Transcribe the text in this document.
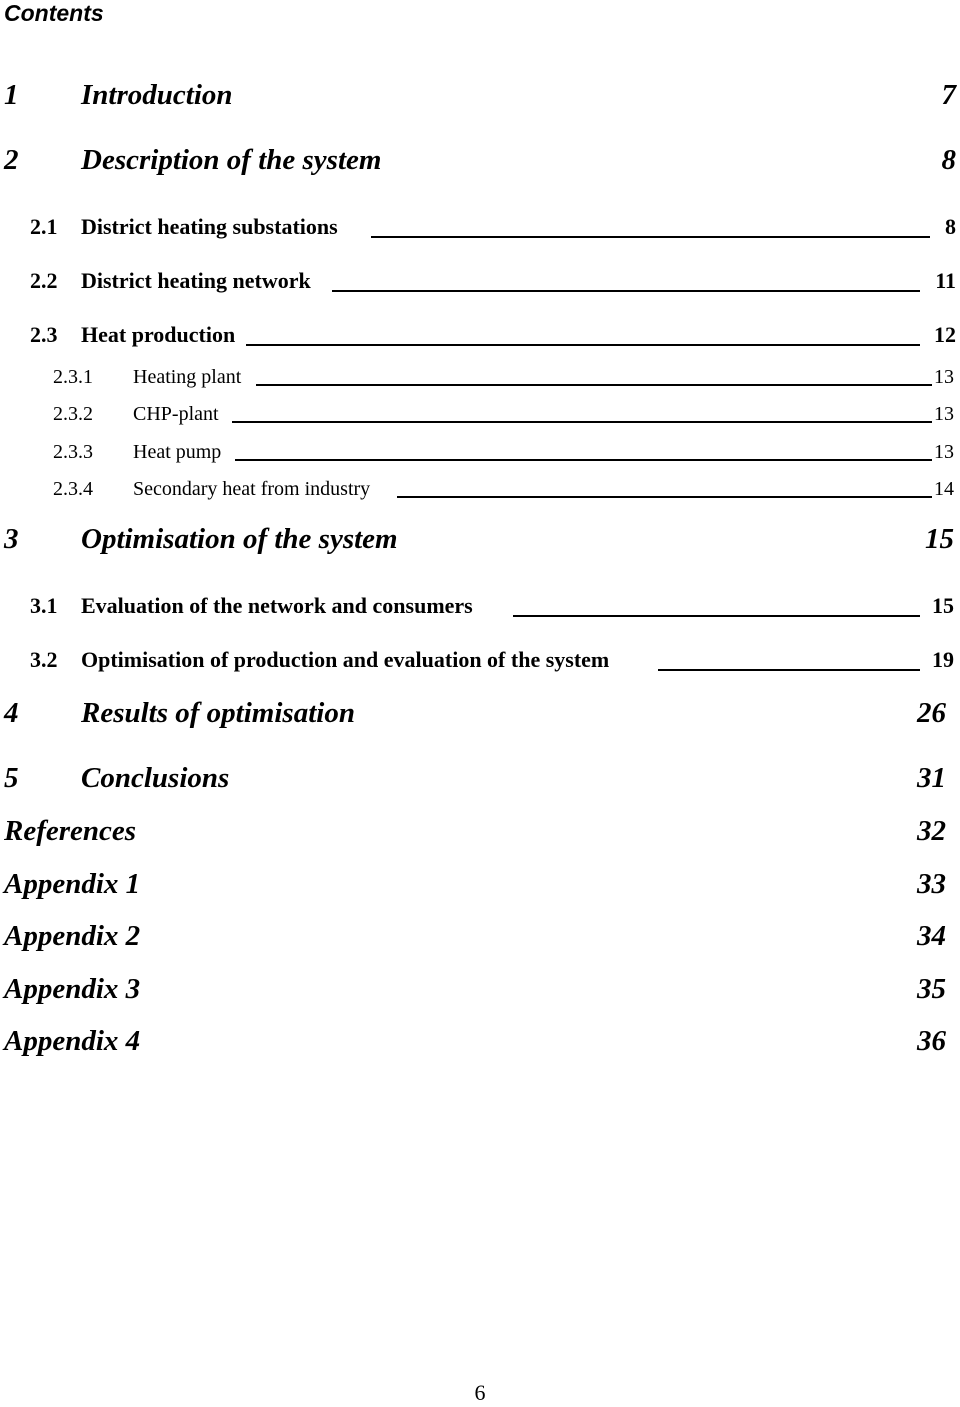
Contents
1 Introduction	7
2 Description of the system	8
2.1 District heating substations	8
2.2 District heating network	11
2.3 Heat production	12
2.3.1 Heating plant	13
2.3.2 CHP-plant	13
2.3.3 Heat pump	13
2.3.4 Secondary heat from industry	14
3 Optimisation of the system	15
3.1 Evaluation of the network and consumers	15
3.2 Optimisation of production and evaluation of the system	19
4 Results of optimisation	26
5 Conclusions	31
References	32
Appendix 1	33
Appendix 2	34
Appendix 3	35
Appendix 4	36
6
